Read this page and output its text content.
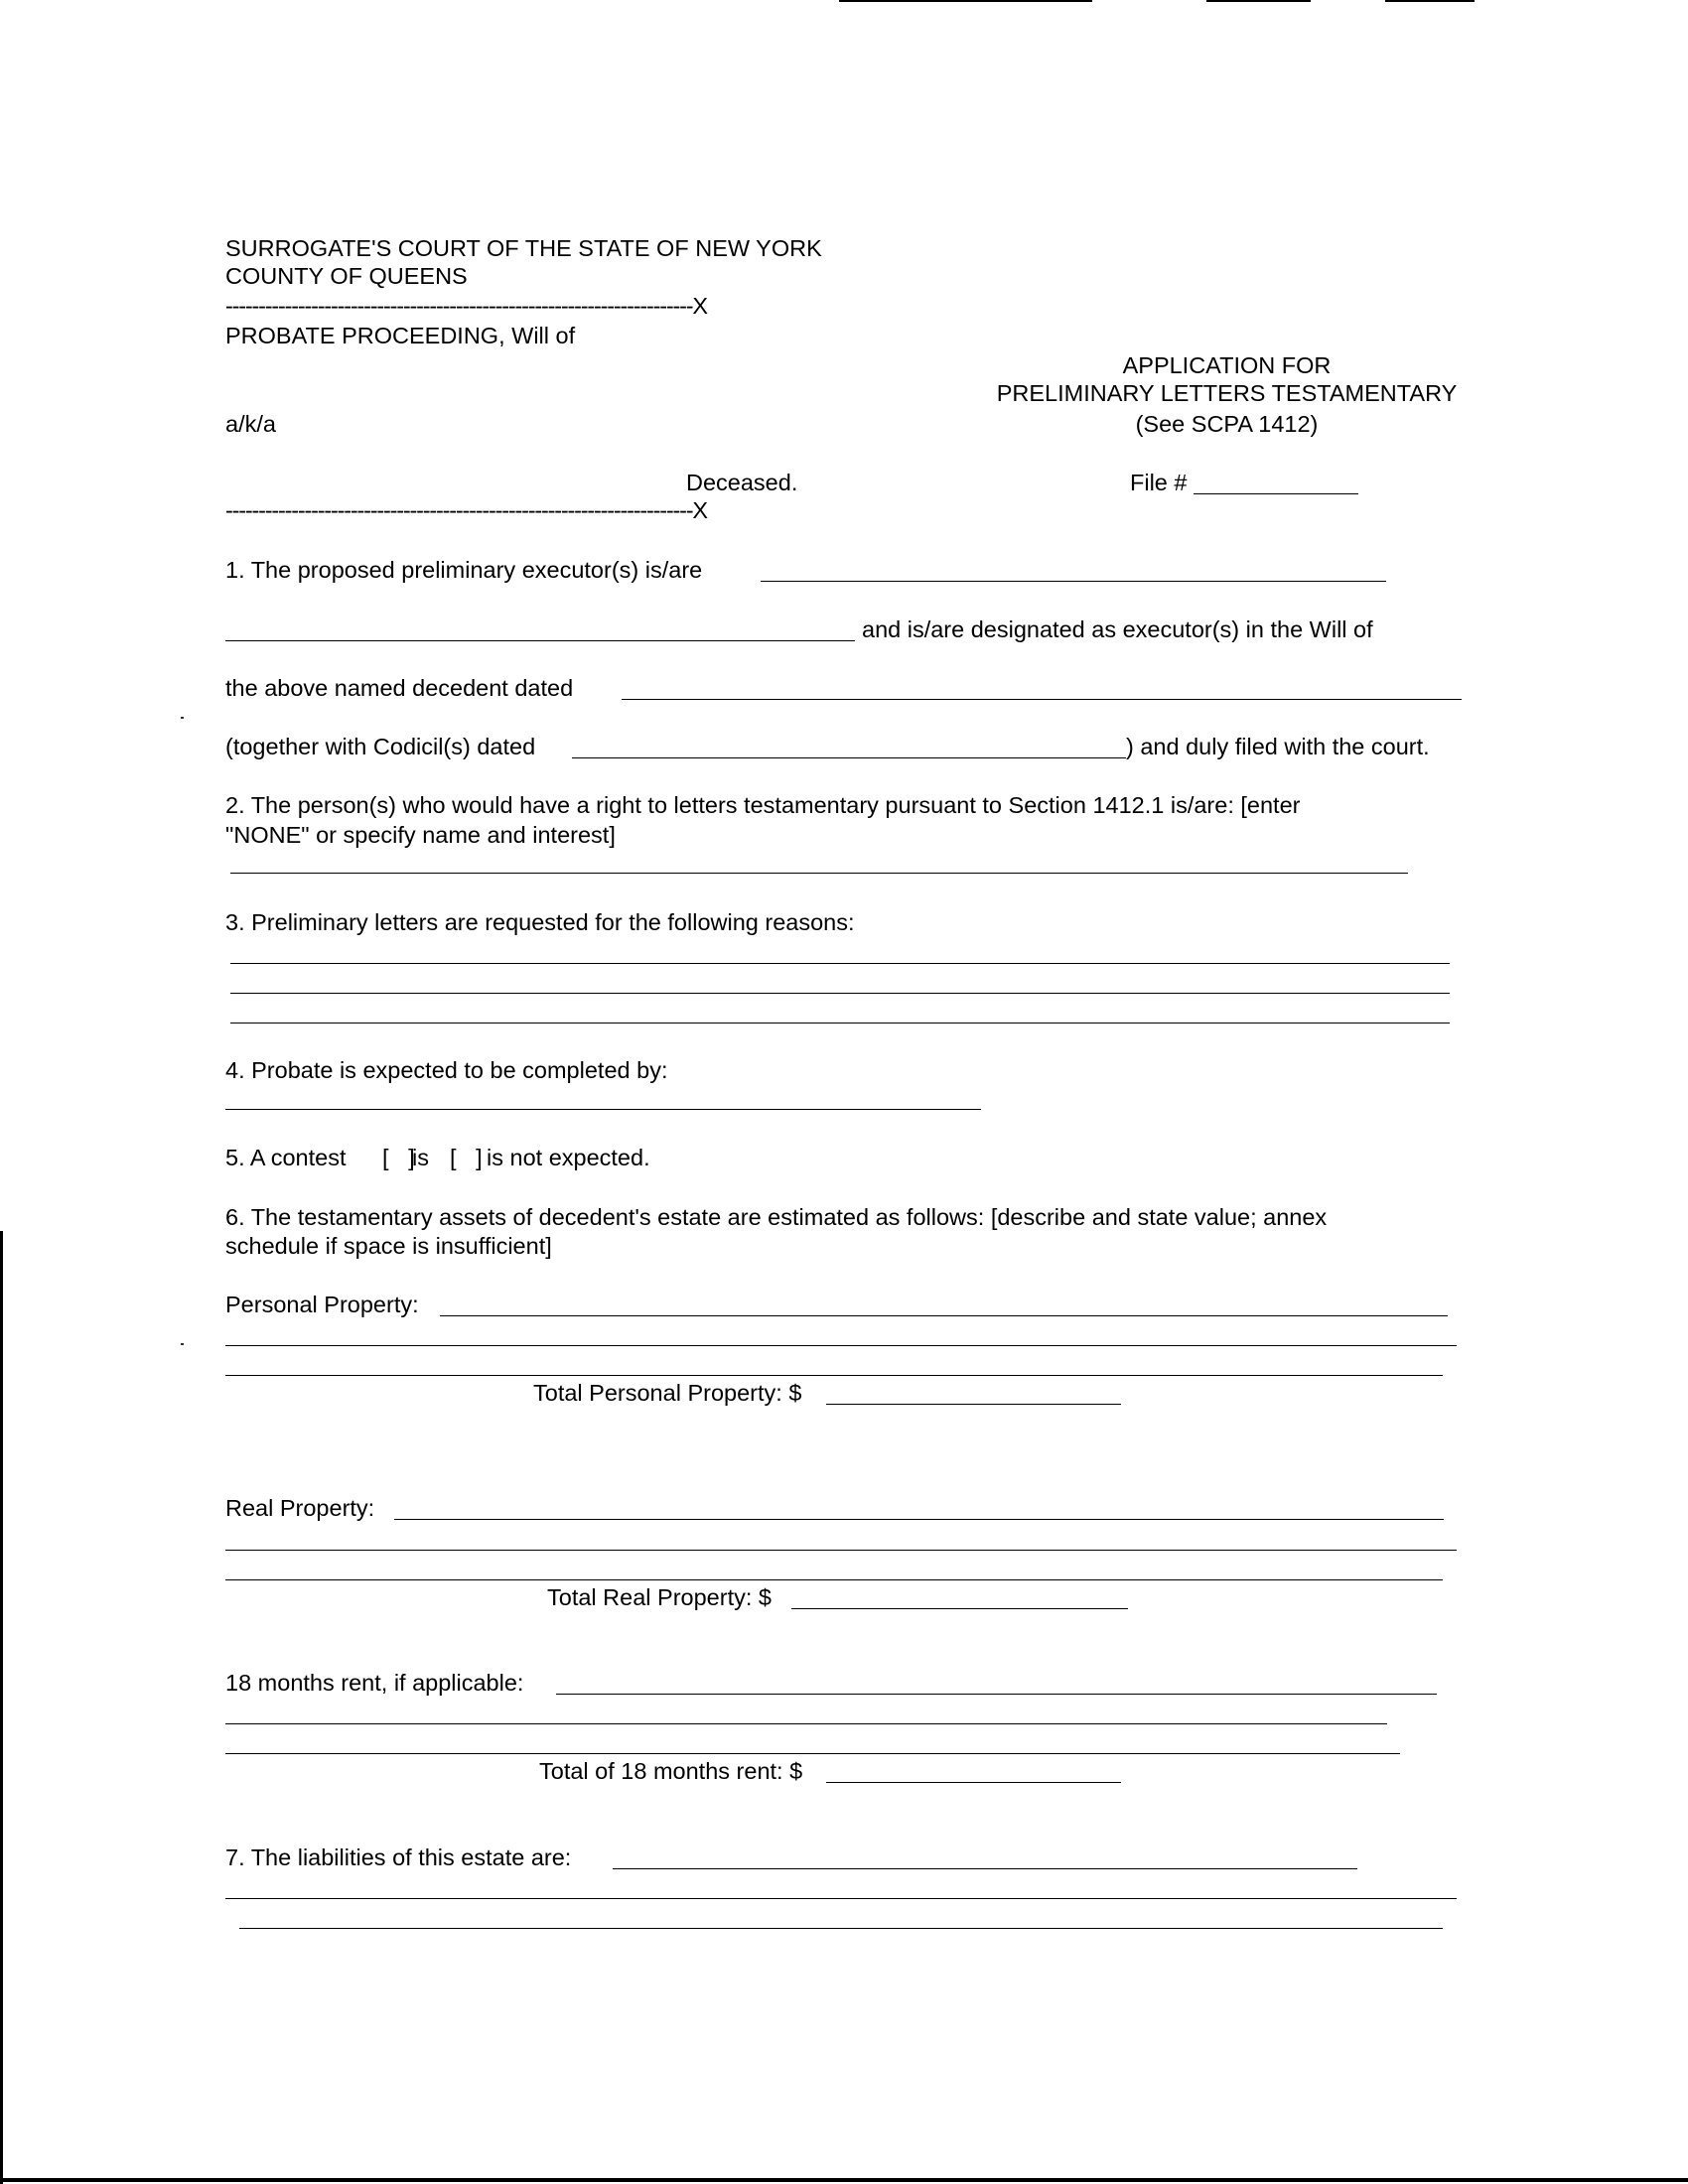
SURROGATE'S COURT OF THE STATE OF NEW YORK
COUNTY OF QUEENS
-----------------------------------------------------------------------X
PROBATE PROCEEDING, Will of
a/k/a
Deceased.
-----------------------------------------------------------------------X
APPLICATION FOR
PRELIMINARY LETTERS TESTAMENTARY
(See SCPA 1412)
File #
1. The proposed preliminary executor(s) is/are
and is/are designated as executor(s) in the Will of
the above named decedent dated
(together with Codicil(s) dated	) and duly filed with the court.
2. The person(s) who would have a right to letters testamentary pursuant to Section 1412.1 is/are: [enter
"NONE" or specify name and interest]
3. Preliminary letters are requested for the following reasons:
4. Probate is expected to be completed by:
5. A contest [   ]
is [   ] is not expected.
6. The testamentary assets of decedent's estate are estimated as follows: [describe and state value; annex
schedule if space is insufficient]
Personal Property:
Total Personal Property: $
Real Property:
Total Real Property: $
18 months rent, if applicable:
Total of 18 months rent: $
7. The liabilities of this estate are:
